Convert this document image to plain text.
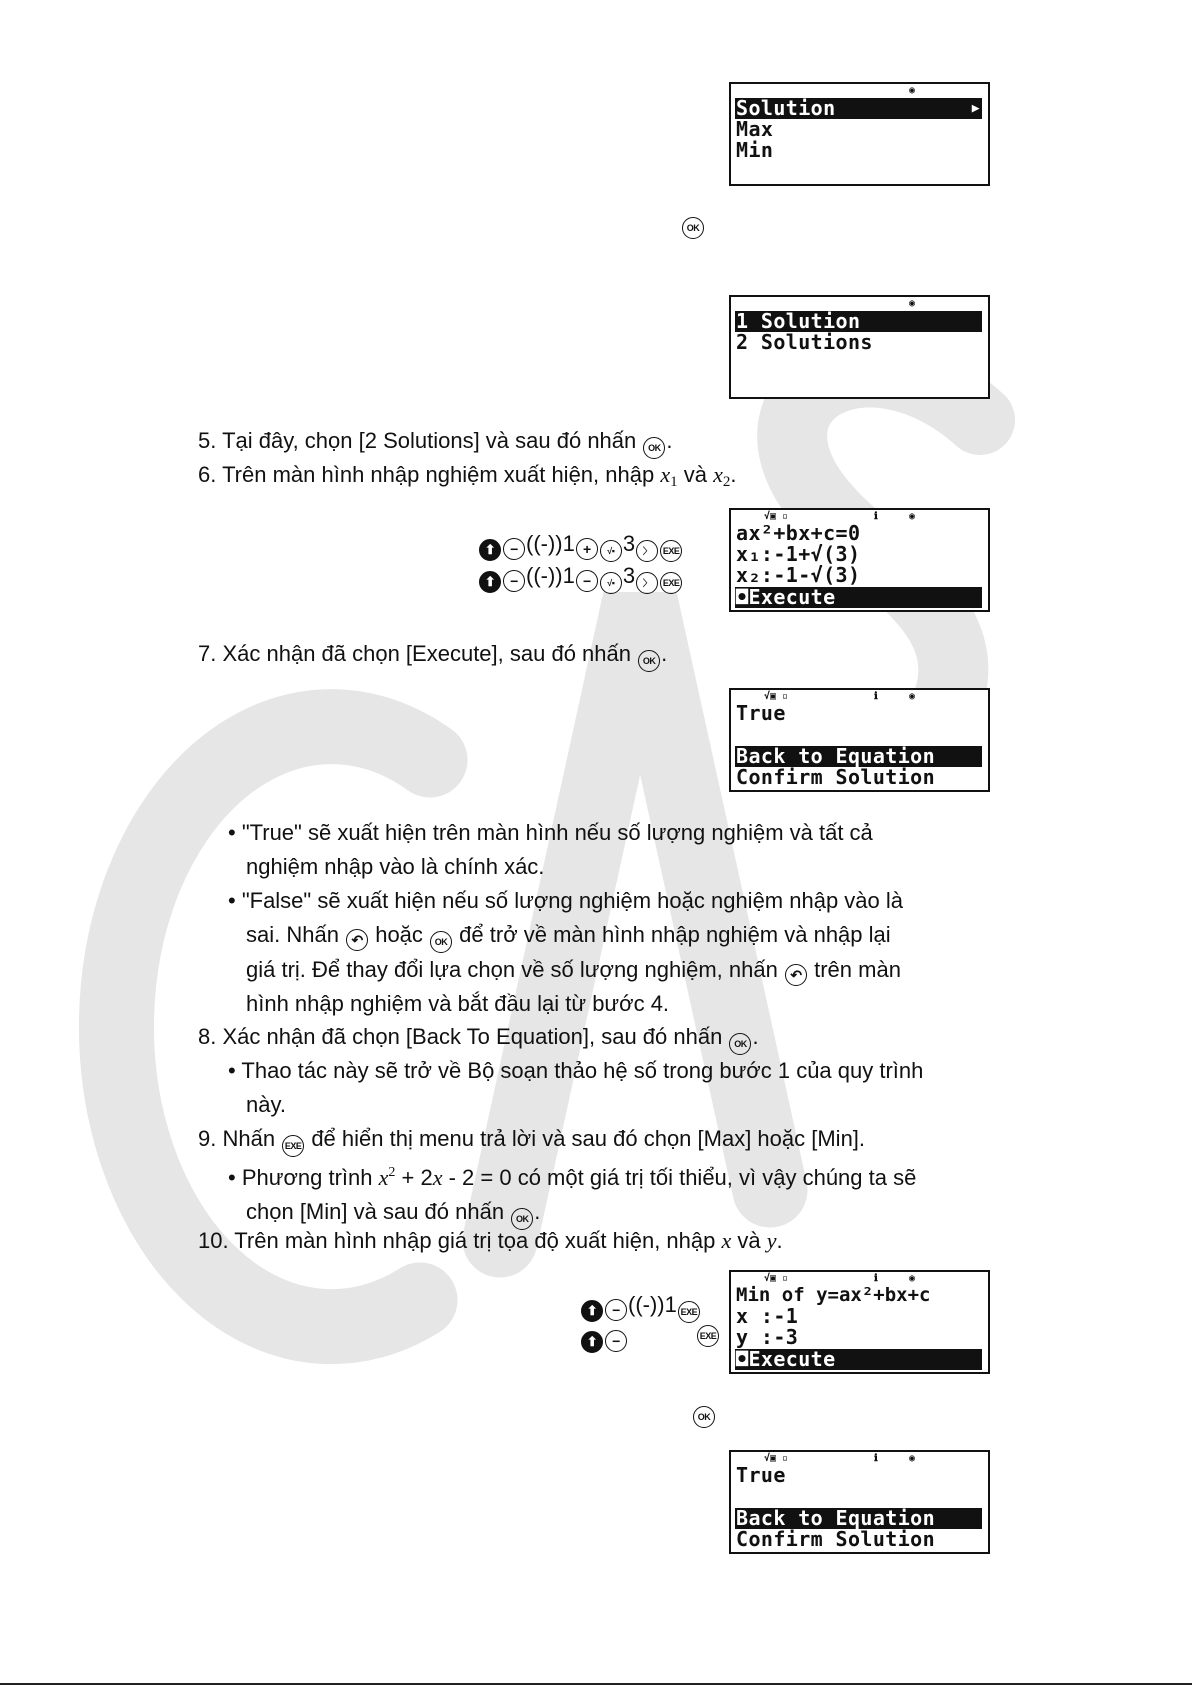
◉
Solution	▶
Max
Min
OK
◉
1 Solution
2 Solutions
5. Tại đây, chọn [2 Solutions] và sau đó nhấn OK .
6. Trên màn hình nhập nghiệm xuất hiện, nhập $x_1$ và $x_2$.
⬆ − ((-))1 + √▪ 3 〉 EXE
⬆ − ((-))1 − √▪ 3 〉 EXE
√▣ ▫	ℹ	◉
ax²+bx+c=0
x₁:-1+√(3)
x₂:-1-√(3)
◘Execute
7. Xác nhận đã chọn [Execute], sau đó nhấn OK .
√▣ ▫	ℹ	◉
True
Back to Equation
Confirm Solution
• "True" sẽ xuất hiện trên màn hình nếu số lượng nghiệm và tất cả
nghiệm nhập vào là chính xác.
• "False" sẽ xuất hiện nếu số lượng nghiệm hoặc nghiệm nhập vào là
sai. Nhấn ↶ hoặc OK để trở về màn hình nhập nghiệm và nhập lại
giá trị. Để thay đổi lựa chọn về số lượng nghiệm, nhấn ↶ trên màn
hình nhập nghiệm và bắt đầu lại từ bước 4.
8. Xác nhận đã chọn [Back To Equation], sau đó nhấn OK .
• Thao tác này sẽ trở về Bộ soạn thảo hệ số trong bước 1 của quy trình
này.
9. Nhấn EXE để hiển thị menu trả lời và sau đó chọn [Max] hoặc [Min].
• Phương trình $x^2 + 2x - 2 = 0$ có một giá trị tối thiểu, vì vậy chúng ta sẽ
chọn [Min] và sau đó nhấn OK .
10. Trên màn hình nhập giá trị tọa độ xuất hiện, nhập x và y.
⬆ − ((-))1 EXE
⬆ −	EXE
√▣ ▫	ℹ	◉
Min of y=ax²+bx+c
x :-1
y :-3
◘Execute
OK
√▣ ▫	ℹ	◉
True
Back to Equation
Confirm Solution
